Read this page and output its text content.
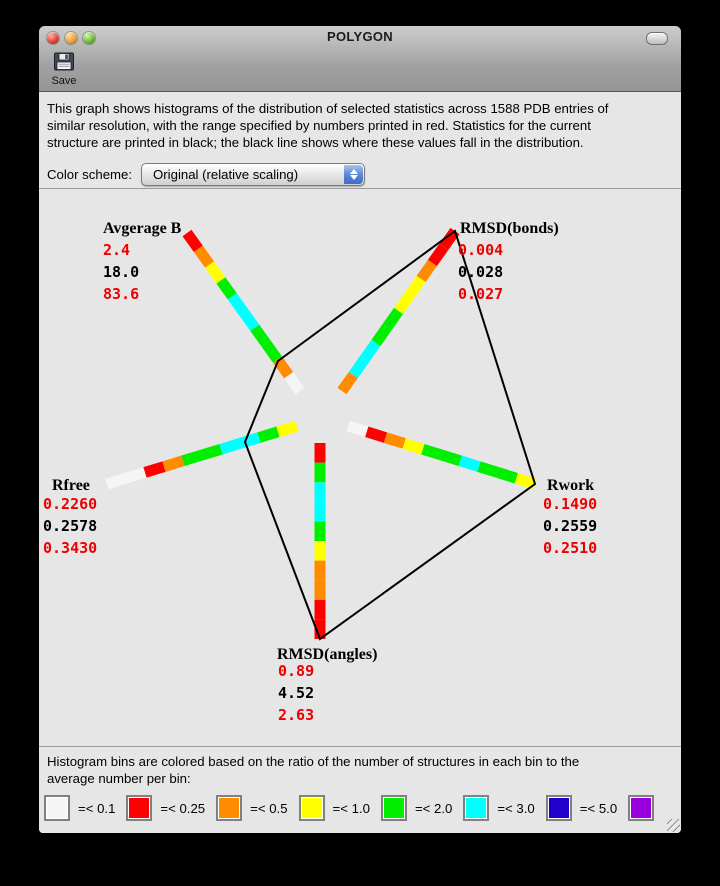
POLYGON
Save
This graph shows histograms of the distribution of selected statistics across 1588 PDB entries of
similar resolution, with the range specified by numbers printed in red. Statistics for the current
structure are printed in black; the black line shows where these values fall in the distribution.
Color scheme: Original (relative scaling)
Avgerage B
2.4
18.0
83.6
RMSD(bonds)
0.004
0.028
0.027
Rwork
0.1490
0.2559
0.2510
RMSD(angles)
0.89
4.52
2.63
Rfree
0.2260
0.2578
0.3430
Histogram bins are colored based on the ratio of the number of structures in each bin to the
average number per bin:
=< 0.1	=< 0.25	=< 0.5	=< 1.0	=< 2.0	=< 3.0	=< 5.0
